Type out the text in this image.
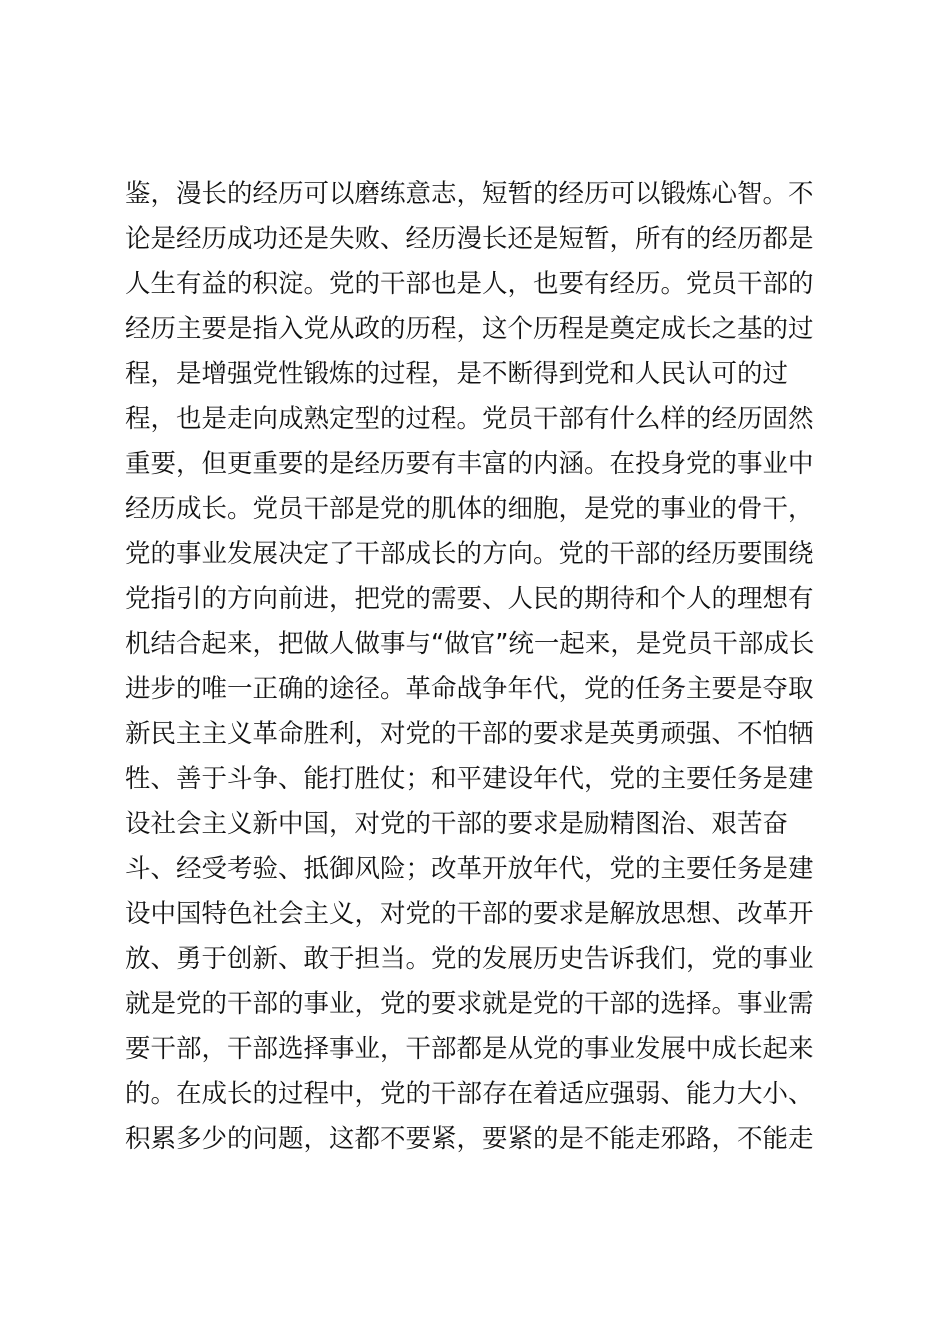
鉴，漫长的经历可以磨练意志，短暂的经历可以锻炼心智。不
论是经历成功还是失败、经历漫长还是短暂，所有的经历都是
人生有益的积淀。党的干部也是人，也要有经历。党员干部的
经历主要是指入党从政的历程，这个历程是奠定成长之基的过
程，是增强党性锻炼的过程，是不断得到党和人民认可的过
程，也是走向成熟定型的过程。党员干部有什么样的经历固然
重要，但更重要的是经历要有丰富的内涵。在投身党的事业中
经历成长。党员干部是党的肌体的细胞，是党的事业的骨干，
党的事业发展决定了干部成长的方向。党的干部的经历要围绕
党指引的方向前进，把党的需要、人民的期待和个人的理想有
机结合起来，把做人做事与“做官”统一起来，是党员干部成长
进步的唯一正确的途径。革命战争年代，党的任务主要是夺取
新民主主义革命胜利，对党的干部的要求是英勇顽强、不怕牺
牲、善于斗争、能打胜仗；和平建设年代，党的主要任务是建
设社会主义新中国，对党的干部的要求是励精图治、艰苦奋
斗、经受考验、抵御风险；改革开放年代，党的主要任务是建
设中国特色社会主义，对党的干部的要求是解放思想、改革开
放、勇于创新、敢于担当。党的发展历史告诉我们，党的事业
就是党的干部的事业，党的要求就是党的干部的选择。事业需
要干部，干部选择事业，干部都是从党的事业发展中成长起来
的。在成长的过程中，党的干部存在着适应强弱、能力大小、
积累多少的问题，这都不要紧，要紧的是不能走邪路，不能走
